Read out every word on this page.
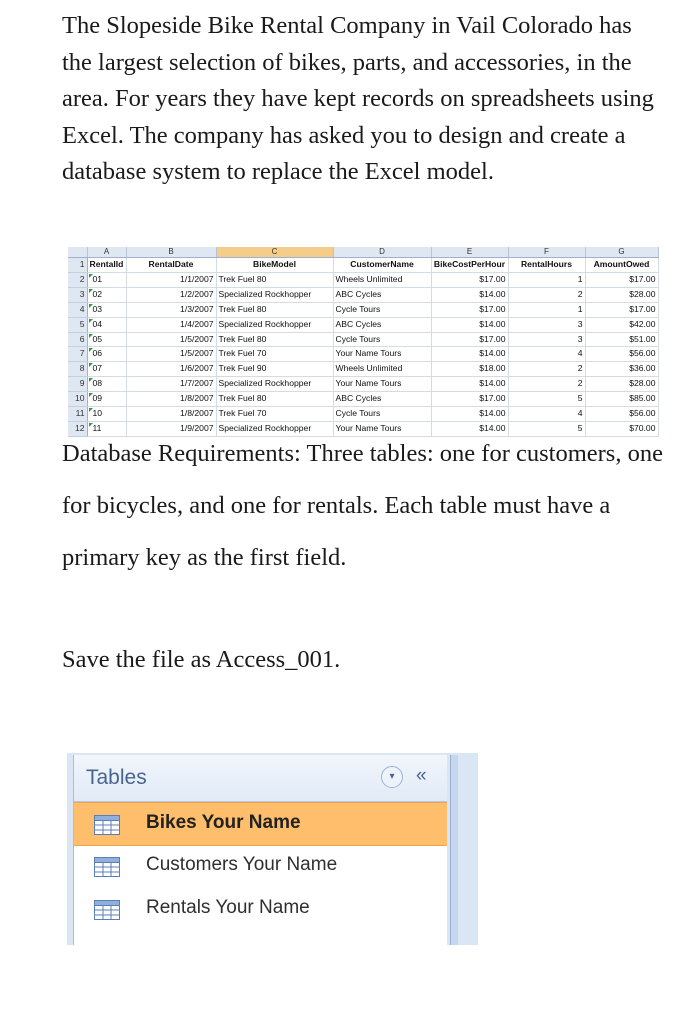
The Slopeside Bike Rental Company in Vail Colorado has the largest selection of bikes, parts, and accessories, in the area. For years they have kept records on spreadsheets using Excel. The company has asked you to design and create a database system to replace the Excel model.

	A	B	C	D	E	F	G
1	RentalId	RentalDate	BikeModel	CustomerName	BikeCostPerHour	RentalHours	AmountOwed
2	01	1/1/2007	Trek Fuel 80	Wheels Unlimited	$17.00	1	$17.00
3	02	1/2/2007	Specialized Rockhopper	ABC Cycles	$14.00	2	$28.00
4	03	1/3/2007	Trek Fuel 80	Cycle Tours	$17.00	1	$17.00
5	04	1/4/2007	Specialized Rockhopper	ABC Cycles	$14.00	3	$42.00
6	05	1/5/2007	Trek Fuel 80	Cycle Tours	$17.00	3	$51.00
7	06	1/5/2007	Trek Fuel 70	Your Name Tours	$14.00	4	$56.00
8	07	1/6/2007	Trek Fuel 90	Wheels Unlimited	$18.00	2	$36.00
9	08	1/7/2007	Specialized Rockhopper	Your Name Tours	$14.00	2	$28.00
10	09	1/8/2007	Trek Fuel 80	ABC Cycles	$17.00	5	$85.00
11	10	1/8/2007	Trek Fuel 70	Cycle Tours	$14.00	4	$56.00
12	11	1/9/2007	Specialized Rockhopper	Your Name Tours	$14.00	5	$70.00

Database Requirements: Three tables: one for customers, one for bicycles, and one for rentals. Each table must have a primary key as the first field.

Save the file as Access_001.

Tables	▾	«
Bikes Your Name
Customers Your Name
Rentals Your Name
